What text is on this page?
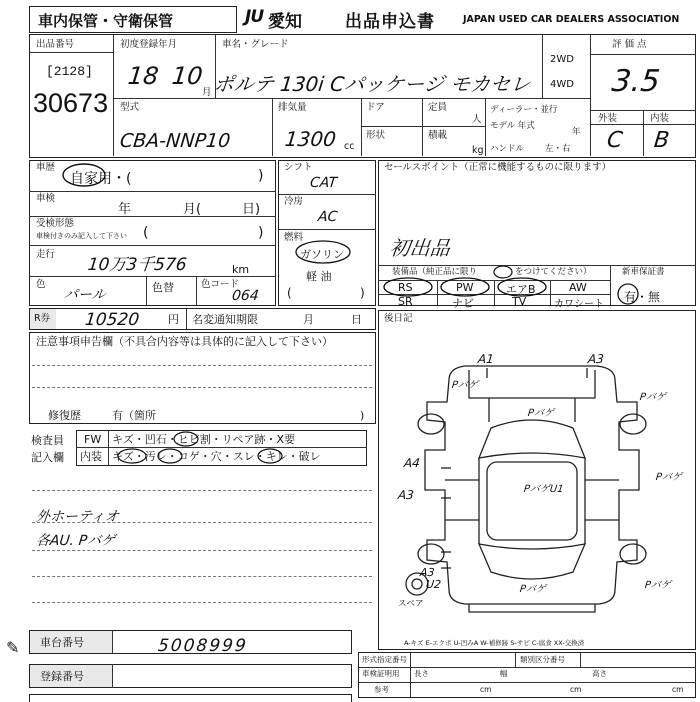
車内保管・守衛保管	JU 愛知	出品申込書	JAPAN USED CAR DEALERS ASSOCIATION
出品番号
[2128]
30673
初度登録年月
18 10
月
車名・グレード
ポルテ 130i Cパッケージ モカセレ
2WD
4WD
評価点
3.5
外装	内装
C B
型式
CBA-NNP10
排気量
1300 cc
ドア	定員
人
形状	積載
kg
ディーラー・並行
モデル 年式
年
ハンドル 左・右
車歴
自家用・(	)
車検
年	月(	日)
受検形態
車検付きのみ記入して下さい (	)
走行
10万3千576	km
色
パール	色替	色コード
064
シフト
CAT
冷房
AC
燃料
ガソリン
軽 油
(	)
セールスポイント（正常に機能するものに限ります）
初出品
装備品（純正品に限り	をつけてください）	新車保証書
有・無
RS	PW	エアB	AW
SR	ナビ	TV	カワシート
R券 10520	円 名変通知期限	月	日
注意事項申告欄（不具合内容等は具体的に記入して下さい）
修復歴	有（箇所	)
検査員
記入欄
FW キズ・凹石・ヒビ割・リペア跡・X要
内装 キズ・汚レ・コゲ・穴・スレ・キレ・破レ
外ホーティオ
各AU. Pバゲ
✎ 車台番号	5008999
登録番号
後日記
A1	A3
A4
A3
A3
U2
PバゲU1
Pバゲ
Pバゲ
Pバゲ
Pバゲ
Pバゲ	Pバゲ
スペア
A-キズ E-エクボ U-凹みA W-補修跡 S-サビ C-腐食 XX-交換済
形式指定番号	類別区分番号
車検証明用
参考
長さ	幅	高さ
cm	cm	cm
